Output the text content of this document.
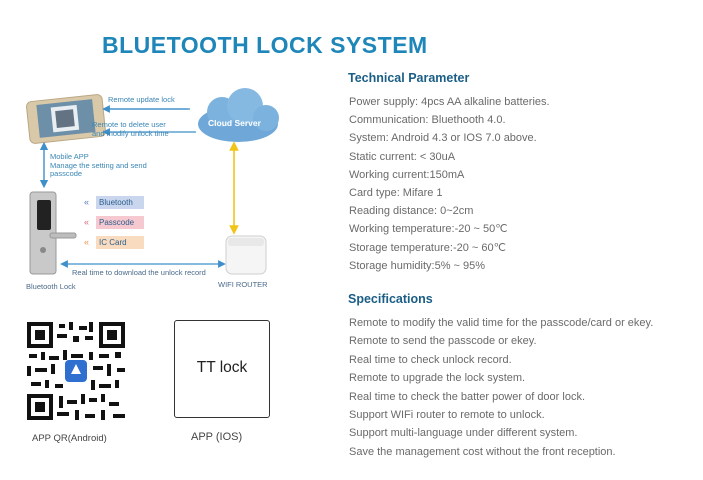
BLUETOOTH LOCK SYSTEM
Cloud Server
Remote update lock
Remote to delete user
and modify unlock time
Mobile APP
Manage the setting and send
passcode
«	Bluetooth
«	Passcode
«	IC Card
Real time to download the unlock record
Bluetooth Lock	WIFI ROUTER
APP QR(Android)
TT lock
APP (IOS)
Technical Parameter
Power supply: 4pcs AA alkaline batteries.
Communication: Bluethooth 4.0.
System: Android 4.3 or IOS 7.0 above.
Static current: < 30uA
Working current:150mA
Card type: Mifare 1
Reading distance: 0~2cm
Working temperature:-20 ~ 50℃
Storage temperature:-20 ~ 60℃
Storage humidity:5% ~ 95%
Specifications
Remote to modify the valid time for the passcode/card or ekey.
Remote to send the passcode or ekey.
Real time to check unlock record.
Remote to upgrade the lock system.
Real time to check the batter power of door lock.
Support WIFi router to remote to unlock.
Support multi-language under different system.
Save the management cost without the front reception.
